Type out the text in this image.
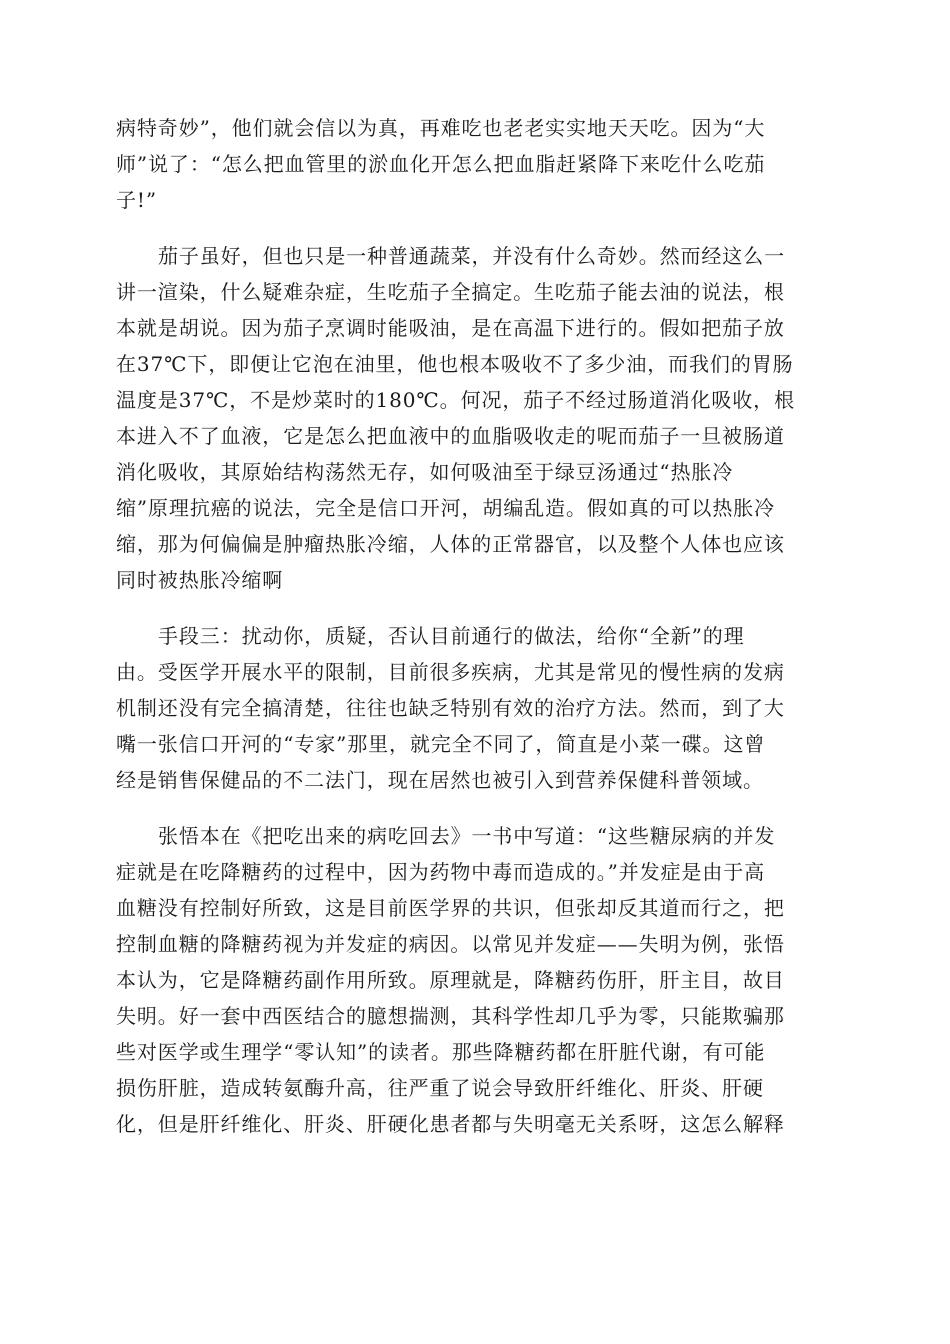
病特奇妙”，他们就会信以为真，再难吃也老老实实地天天吃。因为“大
师”说了：“怎么把血管里的淤血化开怎么把血脂赶紧降下来吃什么吃茄
子!”

茄子虽好，但也只是一种普通蔬菜，并没有什么奇妙。然而经这么一
讲一渲染，什么疑难杂症，生吃茄子全搞定。生吃茄子能去油的说法，根
本就是胡说。因为茄子烹调时能吸油，是在高温下进行的。假如把茄子放
在37℃下，即便让它泡在油里，他也根本吸收不了多少油，而我们的胃肠
温度是37℃，不是炒菜时的180℃。何况，茄子不经过肠道消化吸收，根
本进入不了血液，它是怎么把血液中的血脂吸收走的呢而茄子一旦被肠道
消化吸收，其原始结构荡然无存，如何吸油至于绿豆汤通过“热胀冷
缩”原理抗癌的说法，完全是信口开河，胡编乱造。假如真的可以热胀冷
缩，那为何偏偏是肿瘤热胀冷缩，人体的正常器官，以及整个人体也应该
同时被热胀冷缩啊

手段三：扰动你，质疑，否认目前通行的做法，给你“全新”的理
由。受医学开展水平的限制，目前很多疾病，尤其是常见的慢性病的发病
机制还没有完全搞清楚，往往也缺乏特别有效的治疗方法。然而，到了大
嘴一张信口开河的“专家”那里，就完全不同了，简直是小菜一碟。这曾
经是销售保健品的不二法门，现在居然也被引入到营养保健科普领域。

张悟本在《把吃出来的病吃回去》一书中写道：“这些糖尿病的并发
症就是在吃降糖药的过程中，因为药物中毒而造成的。”并发症是由于高
血糖没有控制好所致，这是目前医学界的共识，但张却反其道而行之，把
控制血糖的降糖药视为并发症的病因。以常见并发症——失明为例，张悟
本认为，它是降糖药副作用所致。原理就是，降糖药伤肝，肝主目，故目
失明。好一套中西医结合的臆想揣测，其科学性却几乎为零，只能欺骗那
些对医学或生理学“零认知”的读者。那些降糖药都在肝脏代谢，有可能
损伤肝脏，造成转氨酶升高，往严重了说会导致肝纤维化、肝炎、肝硬
化，但是肝纤维化、肝炎、肝硬化患者都与失明毫无关系呀，这怎么解释
